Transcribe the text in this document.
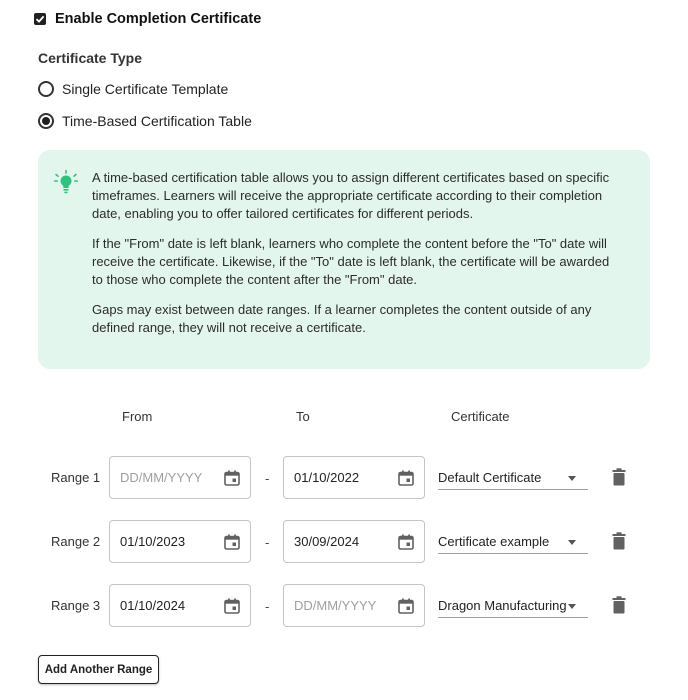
Enable Completion Certificate
Certificate Type
Single Certificate Template
Time-Based Certification Table

A time-based certification table allows you to assign different certificates based on specific timeframes. Learners will receive the appropriate certificate according to their completion date, enabling you to offer tailored certificates for different periods.

If the "From" date is left blank, learners who complete the content before the "To" date will receive the certificate. Likewise, if the "To" date is left blank, the certificate will be awarded to those who complete the content after the "From" date.

Gaps may exist between date ranges. If a learner completes the content outside of any defined range, they will not receive a certificate.

From	To	Certificate
Range 1 DD/MM/YYYY	- 01/10/2022	Default Certificate
Range 2 01/10/2023	- 30/09/2024	Certificate example
Range 3 01/10/2024	- DD/MM/YYYY	Dragon Manufacturing
Add Another Range
